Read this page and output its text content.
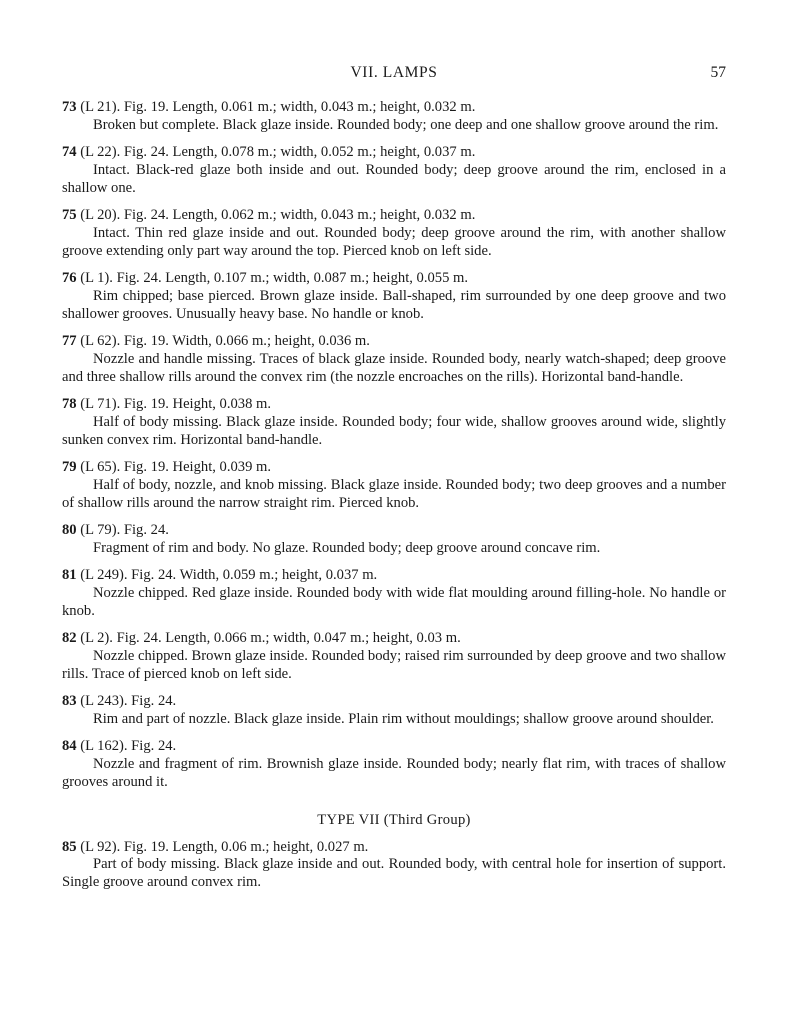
VII. LAMPS	57
73 (L 21). Fig. 19. Length, 0.061 m.; width, 0.043 m.; height, 0.032 m.
Broken but complete. Black glaze inside. Rounded body; one deep and one shallow groove around the rim.
74 (L 22). Fig. 24. Length, 0.078 m.; width, 0.052 m.; height, 0.037 m.
Intact. Black-red glaze both inside and out. Rounded body; deep groove around the rim, enclosed in a shallow one.
75 (L 20). Fig. 24. Length, 0.062 m.; width, 0.043 m.; height, 0.032 m.
Intact. Thin red glaze inside and out. Rounded body; deep groove around the rim, with another shallow groove extending only part way around the top. Pierced knob on left side.
76 (L 1). Fig. 24. Length, 0.107 m.; width, 0.087 m.; height, 0.055 m.
Rim chipped; base pierced. Brown glaze inside. Ball-shaped, rim surrounded by one deep groove and two shallower grooves. Unusually heavy base. No handle or knob.
77 (L 62). Fig. 19. Width, 0.066 m.; height, 0.036 m.
Nozzle and handle missing. Traces of black glaze inside. Rounded body, nearly watch-shaped; deep groove and three shallow rills around the convex rim (the nozzle encroaches on the rills). Horizontal band-handle.
78 (L 71). Fig. 19. Height, 0.038 m.
Half of body missing. Black glaze inside. Rounded body; four wide, shallow grooves around wide, slightly sunken convex rim. Horizontal band-handle.
79 (L 65). Fig. 19. Height, 0.039 m.
Half of body, nozzle, and knob missing. Black glaze inside. Rounded body; two deep grooves and a number of shallow rills around the narrow straight rim. Pierced knob.
80 (L 79). Fig. 24.
Fragment of rim and body. No glaze. Rounded body; deep groove around concave rim.
81 (L 249). Fig. 24. Width, 0.059 m.; height, 0.037 m.
Nozzle chipped. Red glaze inside. Rounded body with wide flat moulding around filling-hole. No handle or knob.
82 (L 2). Fig. 24. Length, 0.066 m.; width, 0.047 m.; height, 0.03 m.
Nozzle chipped. Brown glaze inside. Rounded body; raised rim surrounded by deep groove and two shallow rills. Trace of pierced knob on left side.
83 (L 243). Fig. 24.
Rim and part of nozzle. Black glaze inside. Plain rim without mouldings; shallow groove around shoulder.
84 (L 162). Fig. 24.
Nozzle and fragment of rim. Brownish glaze inside. Rounded body; nearly flat rim, with traces of shallow grooves around it.
TYPE VII (Third Group)
85 (L 92). Fig. 19. Length, 0.06 m.; height, 0.027 m.
Part of body missing. Black glaze inside and out. Rounded body, with central hole for insertion of support. Single groove around convex rim.
